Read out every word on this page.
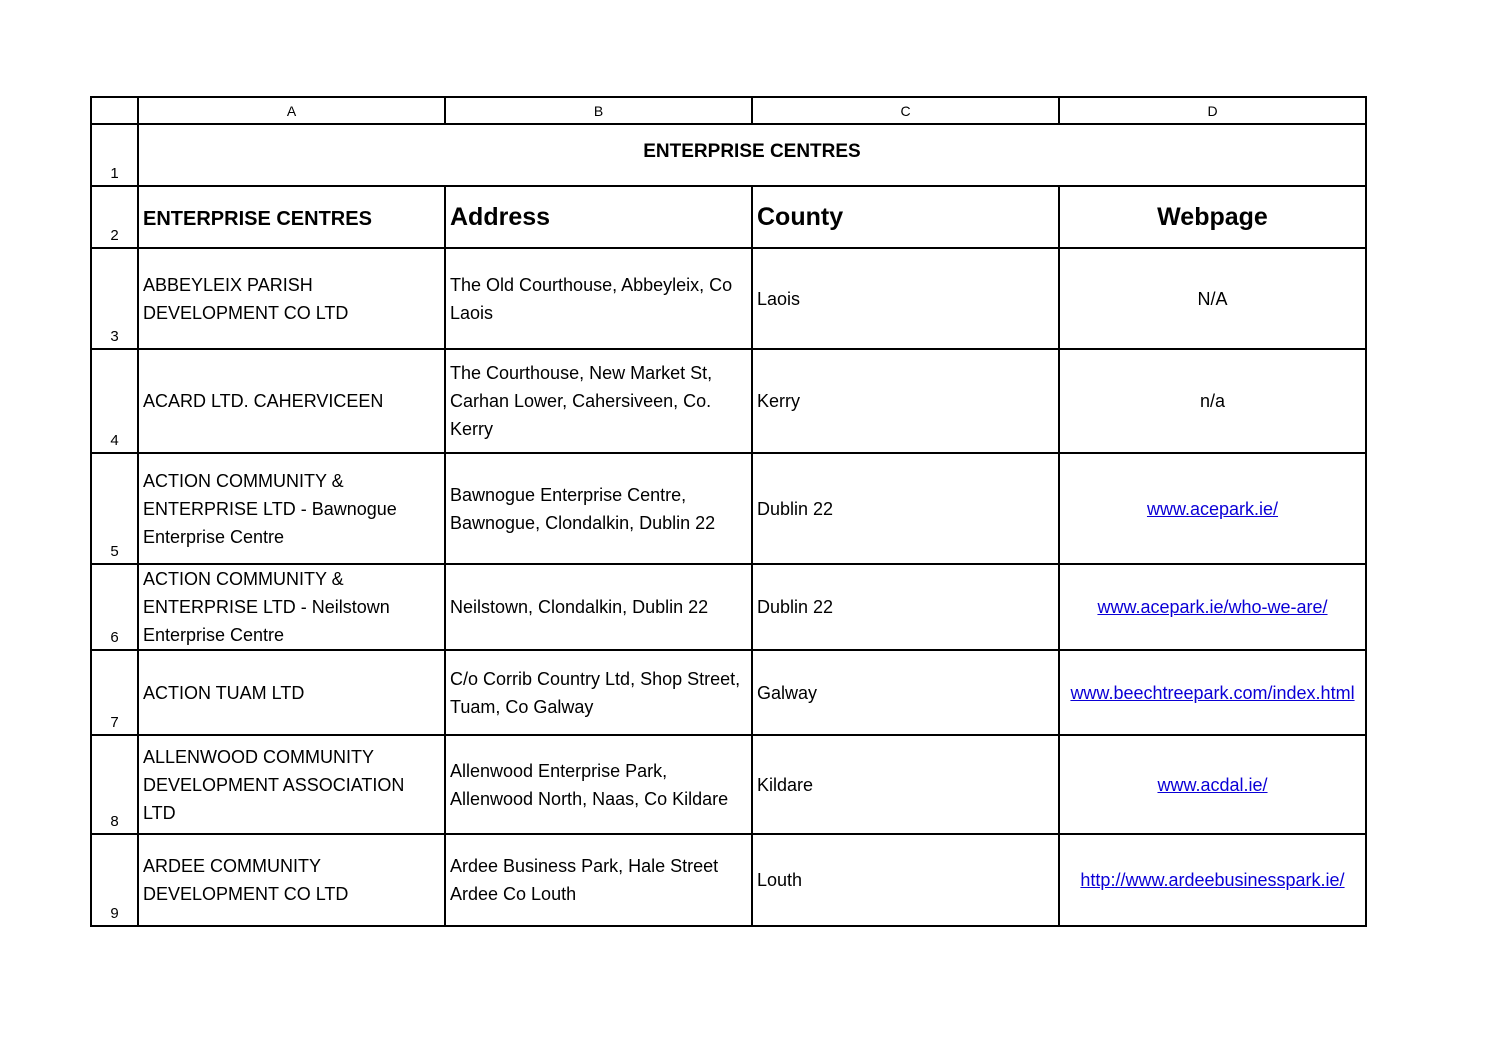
	A	B	C	D
1	ENTERPRISE CENTRES			
2	ENTERPRISE CENTRES	Address	County	Webpage
3	ABBEYLEIX PARISH DEVELOPMENT CO LTD	The Old Courthouse, Abbeyleix, Co Laois	Laois	N/A
4	ACARD LTD. CAHERVICEEN	The Courthouse, New Market St, Carhan Lower, Cahersiveen, Co. Kerry	Kerry	n/a
5	ACTION COMMUNITY & ENTERPRISE LTD - Bawnogue Enterprise Centre	Bawnogue Enterprise Centre, Bawnogue, Clondalkin, Dublin 22	Dublin 22	www.acepark.ie/
6	ACTION COMMUNITY & ENTERPRISE LTD - Neilstown Enterprise Centre	Neilstown, Clondalkin, Dublin 22	Dublin 22	www.acepark.ie/who-we-are/
7	ACTION TUAM LTD	C/o Corrib Country Ltd, Shop Street, Tuam, Co Galway	Galway	www.beechtreepark.com/index.html
8	ALLENWOOD COMMUNITY DEVELOPMENT ASSOCIATION LTD	Allenwood Enterprise Park, Allenwood North, Naas, Co Kildare	Kildare	www.acdal.ie/
9	ARDEE COMMUNITY DEVELOPMENT CO LTD	Ardee Business Park, Hale Street Ardee Co Louth	Louth	http://www.ardeebusinesspark.ie/
